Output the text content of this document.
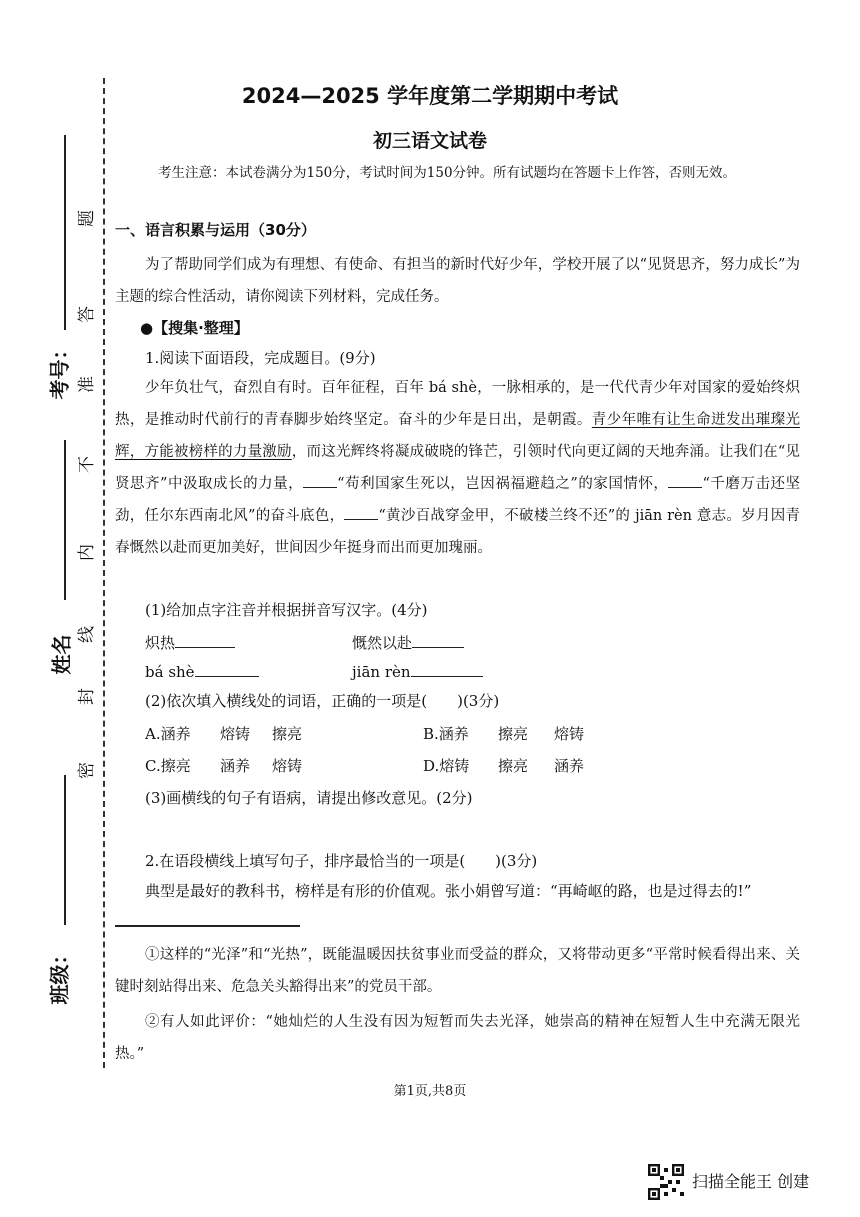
考号：
姓名
班级：
题
答
准
不
内
线
封
密
2024—2025 学年度第二学期期中考试
初三语文试卷
考生注意：本试卷满分为150分，考试时间为150分钟。所有试题均在答题卡上作答，否则无效。
一、语言积累与运用（30分）
为了帮助同学们成为有理想、有使命、有担当的新时代好少年，学校开展了以“见贤思齐，努力成长”为主题的综合性活动，请你阅读下列材料，完成任务。
●【搜集·整理】
1.阅读下面语段，完成题目。(9分)
少年负壮气，奋烈自有时。百年征程，百年 bá shè，一脉相承的，是一代代青少年对国家的爱始终炽热，是推动时代前行的青春脚步始终坚定。奋斗的少年是日出，是朝霞。青少年唯有让生命迸发出璀璨光辉，方能被榜样的力量激励，而这光辉终将凝成破晓的锋芒，引领时代向更辽阔的天地奔涌。让我们在“见贤思齐”中汲取成长的力量， “苟利国家生死以，岂因祸福避趋之”的家国情怀， “千磨万击还坚劲，任尔东西南北风”的奋斗底色， “黄沙百战穿金甲，不破楼兰终不还”的 jiān rèn 意志。岁月因青春慨然以赴而更加美好，世间因少年挺身而出而更加瑰丽。
(1)给加点字注音并根据拼音写汉字。(4分)
炽热	慨然以赴
bá shè	jiān rèn
(2)依次填入横线处的词语，正确的一项是(　　)(3分)
A.涵养 熔铸 擦亮	B.涵养 擦亮 熔铸
C.擦亮 涵养 熔铸	D.熔铸 擦亮 涵养
(3)画横线的句子有语病，请提出修改意见。(2分)
2.在语段横线上填写句子，排序最恰当的一项是(　　)(3分)
典型是最好的教科书，榜样是有形的价值观。张小娟曾写道：“再崎岖的路，也是过得去的!”
①这样的“光泽”和“光热”，既能温暖因扶贫事业而受益的群众，又将带动更多“平常时候看得出来、关键时刻站得出来、危急关头豁得出来”的党员干部。
②有人如此评价：“她灿烂的人生没有因为短暂而失去光泽，她崇高的精神在短暂人生中充满无限光热。”
第1页,共8页
扫描全能王 创建
